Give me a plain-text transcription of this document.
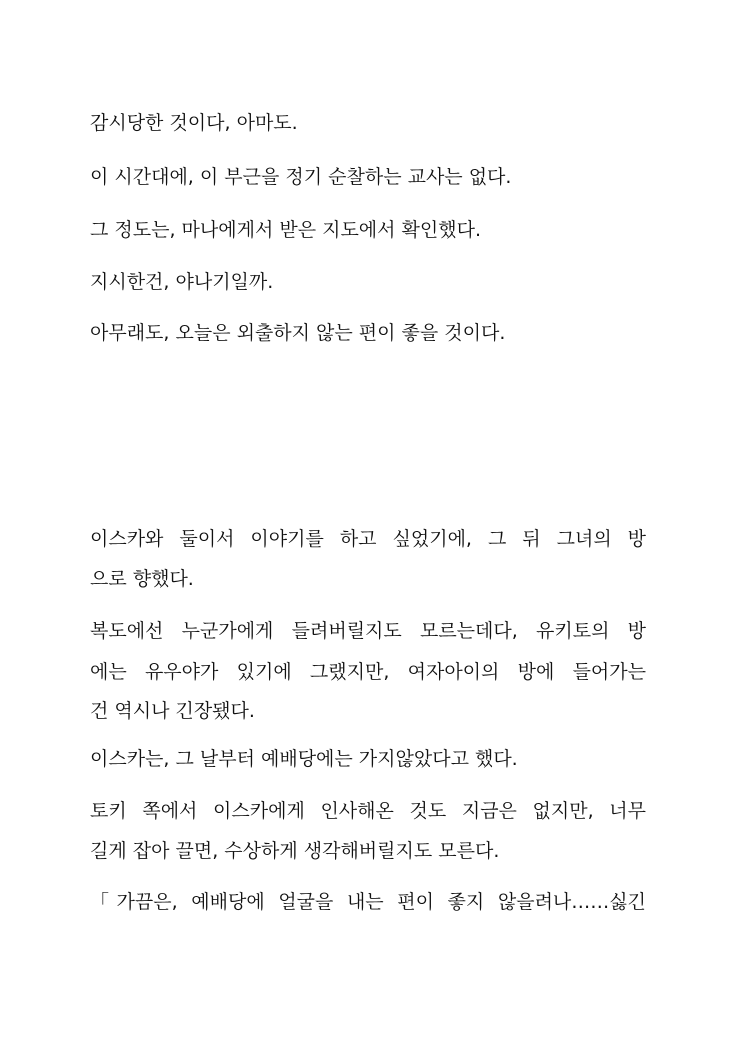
감시당한 것이다, 아마도.
이 시간대에, 이 부근을 정기 순찰하는 교사는 없다.
그 정도는, 마나에게서 받은 지도에서 확인했다.
지시한건, 야나기일까.
아무래도, 오늘은 외출하지 않는 편이 좋을 것이다.
이스카와 둘이서 이야기를 하고 싶었기에, 그 뒤 그녀의 방
으로 향했다.
복도에선 누군가에게 들려버릴지도 모르는데다, 유키토의 방
에는 유우야가 있기에 그랬지만, 여자아이의 방에 들어가는
건 역시나 긴장됐다.
이스카는, 그 날부터 예배당에는 가지않았다고 했다.
토키 쪽에서 이스카에게 인사해온 것도 지금은 없지만, 너무
길게 잡아 끌면, 수상하게 생각해버릴지도 모른다.
「가끔은, 예배당에 얼굴을 내는 편이 좋지 않을려나……싫긴
